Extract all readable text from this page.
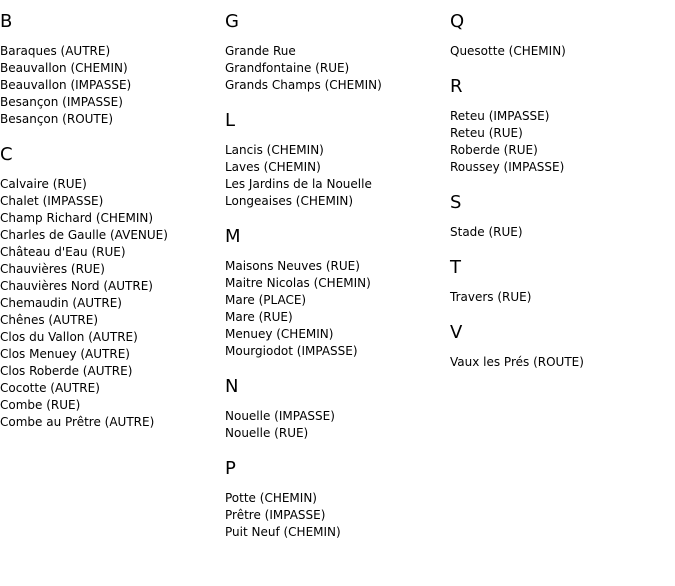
B
Baraques (AUTRE)
Beauvallon (CHEMIN)
Beauvallon (IMPASSE)
Besançon (IMPASSE)
Besançon (ROUTE)
C
Calvaire (RUE)
Chalet (IMPASSE)
Champ Richard (CHEMIN)
Charles de Gaulle (AVENUE)
Château d'Eau (RUE)
Chauvières (RUE)
Chauvières Nord (AUTRE)
Chemaudin (AUTRE)
Chênes (AUTRE)
Clos du Vallon (AUTRE)
Clos Menuey (AUTRE)
Clos Roberde (AUTRE)
Cocotte (AUTRE)
Combe (RUE)
Combe au Prêtre (AUTRE)
G
Grande Rue
Grandfontaine (RUE)
Grands Champs (CHEMIN)
L
Lancis (CHEMIN)
Laves (CHEMIN)
Les Jardins de la Nouelle
Longeaises (CHEMIN)
M
Maisons Neuves (RUE)
Maitre Nicolas (CHEMIN)
Mare (PLACE)
Mare (RUE)
Menuey (CHEMIN)
Mourgiodot (IMPASSE)
N
Nouelle (IMPASSE)
Nouelle (RUE)
P
Potte (CHEMIN)
Prêtre (IMPASSE)
Puit Neuf (CHEMIN)
Q
Quesotte (CHEMIN)
R
Reteu (IMPASSE)
Reteu (RUE)
Roberde (RUE)
Roussey (IMPASSE)
S
Stade (RUE)
T
Travers (RUE)
V
Vaux les Prés (ROUTE)
